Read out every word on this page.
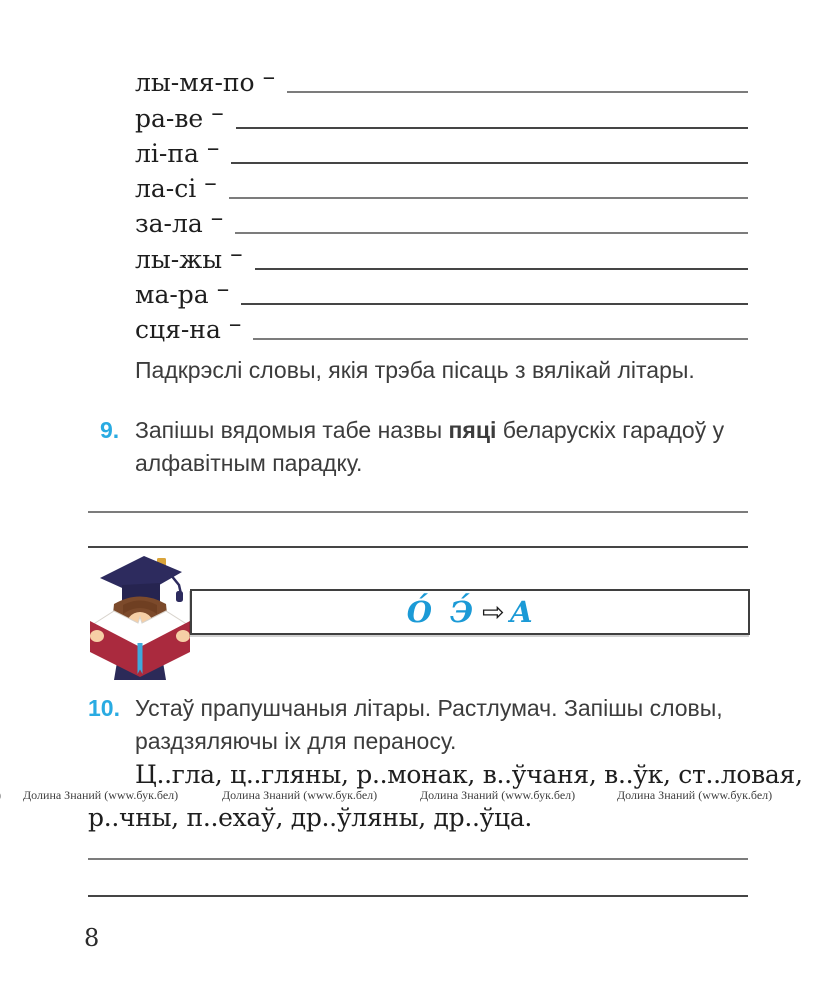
лы-мя-по –
ра-ве –
лі-па –
ла-сі –
за-ла –
лы-жы –
ма-ра –
сця-на –
Падкрэслі словы, якія трэба пісаць з вялікай літары.
9. Запішы вядомыя табе назвы пяці беларускіх гарадоў у алфавітным парадку.
О́ Э́ ⇨ А
10. Устаў прапушчаныя літары. Растлумач. Запішы словы, раздзяляючы іх для пераносу.
Ц..гла, ц..гляны, р..монак, в..ўчаня, в..ўк, ст..ловая,
р..чны, п..ехаў, др..ўляны, др..ўца.
Долина Знаний (www.бук.бел)	Долина Знаний (www.бук.бел)	Долина Знаний (www.бук.бел)	Долина Знаний (www.бук.бел)
8
